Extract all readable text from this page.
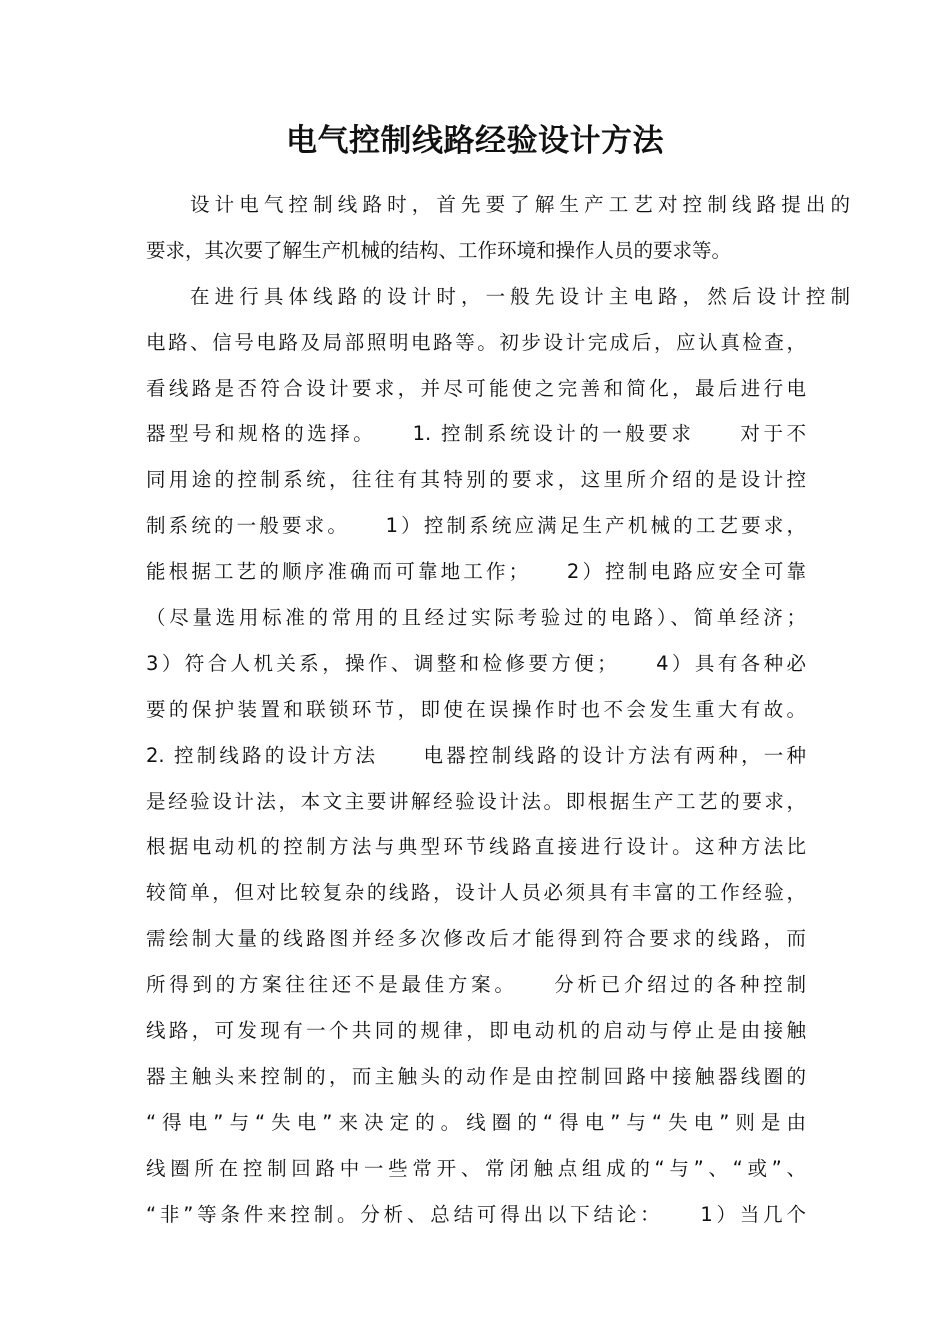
电气控制线路经验设计方法
设计电气控制线路时，首先要了解生产工艺对控制线路提出的
要求，其次要了解生产机械的结构、工作环境和操作人员的要求等。
在进行具体线路的设计时，一般先设计主电路，然后设计控制
电路、信号电路及局部照明电路等。初步设计完成后，应认真检查，
看线路是否符合设计要求，并尽可能使之完善和简化，最后进行电
器型号和规格的选择。　　1. 控制系统设计的一般要求　　对于不
同用途的控制系统，往往有其特别的要求，这里所介绍的是设计控
制系统的一般要求。　　1）控制系统应满足生产机械的工艺要求，
能根据工艺的顺序准确而可靠地工作；　　2）控制电路应安全可靠
（尽量选用标准的常用的且经过实际考验过的电路）、简单经济；
3）符合人机关系，操作、调整和检修要方便；　　4）具有各种必
要的保护装置和联锁环节，即使在误操作时也不会发生重大有故。
2. 控制线路的设计方法　　电器控制线路的设计方法有两种，一种
是经验设计法，本文主要讲解经验设计法。即根据生产工艺的要求，
根据电动机的控制方法与典型环节线路直接进行设计。这种方法比
较简单，但对比较复杂的线路，设计人员必须具有丰富的工作经验，
需绘制大量的线路图并经多次修改后才能得到符合要求的线路，而
所得到的方案往往还不是最佳方案。　　分析已介绍过的各种控制
线路，可发现有一个共同的规律，即电动机的启动与停止是由接触
器主触头来控制的，而主触头的动作是由控制回路中接触器线圈的
“得电”与“失电”来决定的。线圈的“得电”与“失电”则是由
线圈所在控制回路中一些常开、常闭触点组成的“与”、“或”、
“非”等条件来控制。分析、总结可得出以下结论：　　1）当几个
